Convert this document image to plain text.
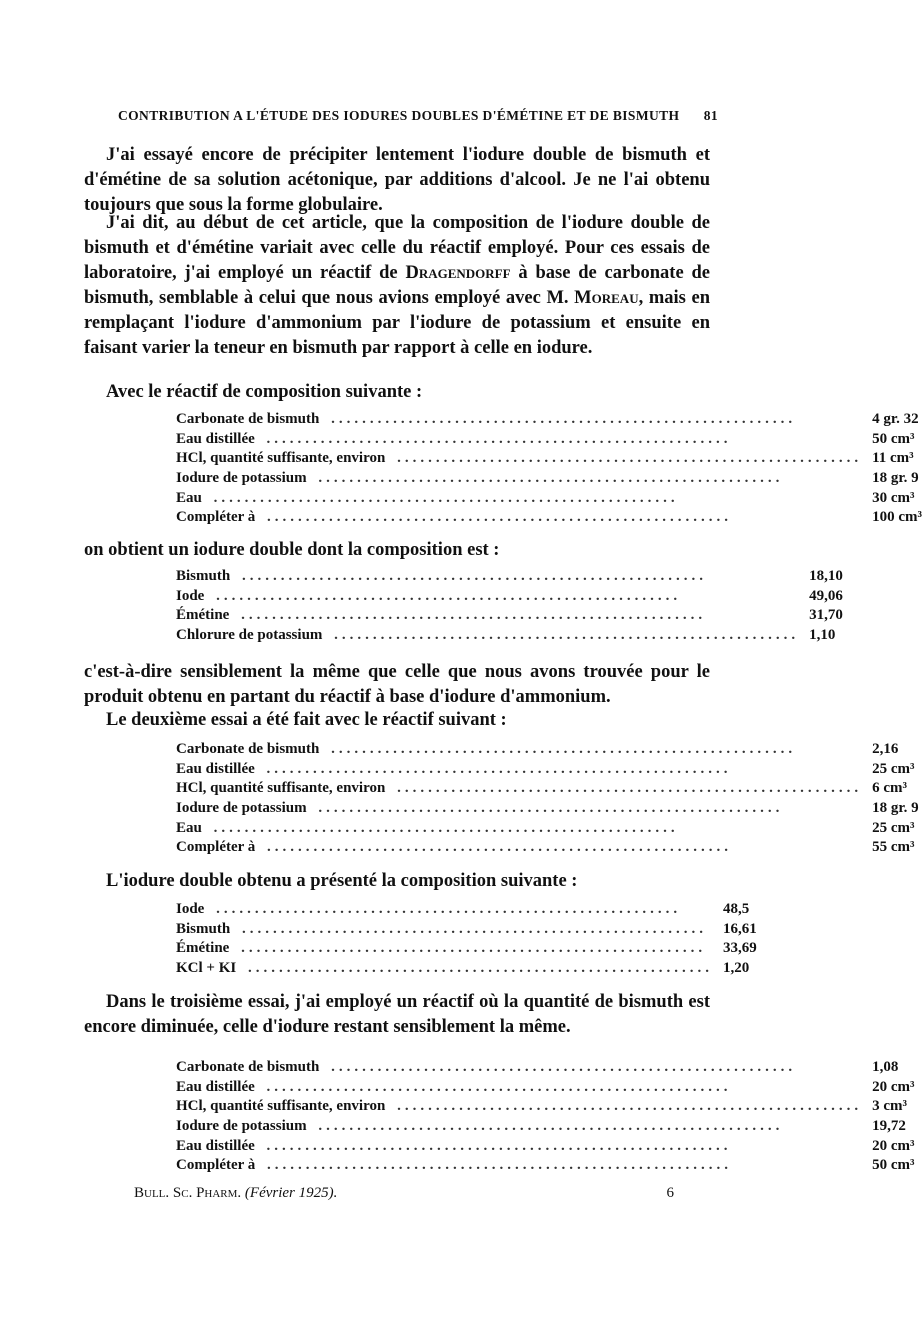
CONTRIBUTION A L'ÉTUDE DES IODURES DOUBLES D'ÉMÉTINE ET DE BISMUTH 81
J'ai essayé encore de précipiter lentement l'iodure double de bismuth et d'émétine de sa solution acétonique, par additions d'alcool. Je ne l'ai obtenu toujours que sous la forme globulaire.
J'ai dit, au début de cet article, que la composition de l'iodure double de bismuth et d'émétine variait avec celle du réactif employé. Pour ces essais de laboratoire, j'ai employé un réactif de Dragendorff à base de carbonate de bismuth, semblable à celui que nous avions employé avec M. Moreau, mais en remplaçant l'iodure d'ammonium par l'iodure de potassium et ensuite en faisant varier la teneur en bismuth par rapport à celle en iodure.
Avec le réactif de composition suivante :
Carbonate de bismuth ............................................................	4 gr. 32
Eau distillée ............................................................	50 cm³
HCl, quantité suffisante, environ ............................................................	11 cm³
Iodure de potassium ............................................................	18 gr. 9
Eau ............................................................	30 cm³
Compléter à ............................................................	100 cm³
on obtient un iodure double dont la composition est :
Bismuth ............................................................	18,10
Iode ............................................................	49,06
Émétine ............................................................	31,70
Chlorure de potassium ............................................................	1,10
c'est-à-dire sensiblement la même que celle que nous avons trouvée pour le produit obtenu en partant du réactif à base d'iodure d'ammonium.
Le deuxième essai a été fait avec le réactif suivant :
Carbonate de bismuth ............................................................	2,16
Eau distillée ............................................................	25 cm³
HCl, quantité suffisante, environ ............................................................	6 cm³
Iodure de potassium ............................................................	18 gr. 9
Eau ............................................................	25 cm³
Compléter à ............................................................	55 cm³
L'iodure double obtenu a présenté la composition suivante :
Iode ............................................................	48,5
Bismuth ............................................................	16,61
Émétine ............................................................	33,69
KCl + KI ............................................................	1,20
Dans le troisième essai, j'ai employé un réactif où la quantité de bismuth est encore diminuée, celle d'iodure restant sensiblement la même.
Carbonate de bismuth ............................................................	1,08
Eau distillée ............................................................	20 cm³
HCl, quantité suffisante, environ ............................................................	3 cm³
Iodure de potassium ............................................................	19,72
Eau distillée ............................................................	20 cm³
Compléter à ............................................................	50 cm³
Bull. Sc. Pharm. (Février 1925).	6
